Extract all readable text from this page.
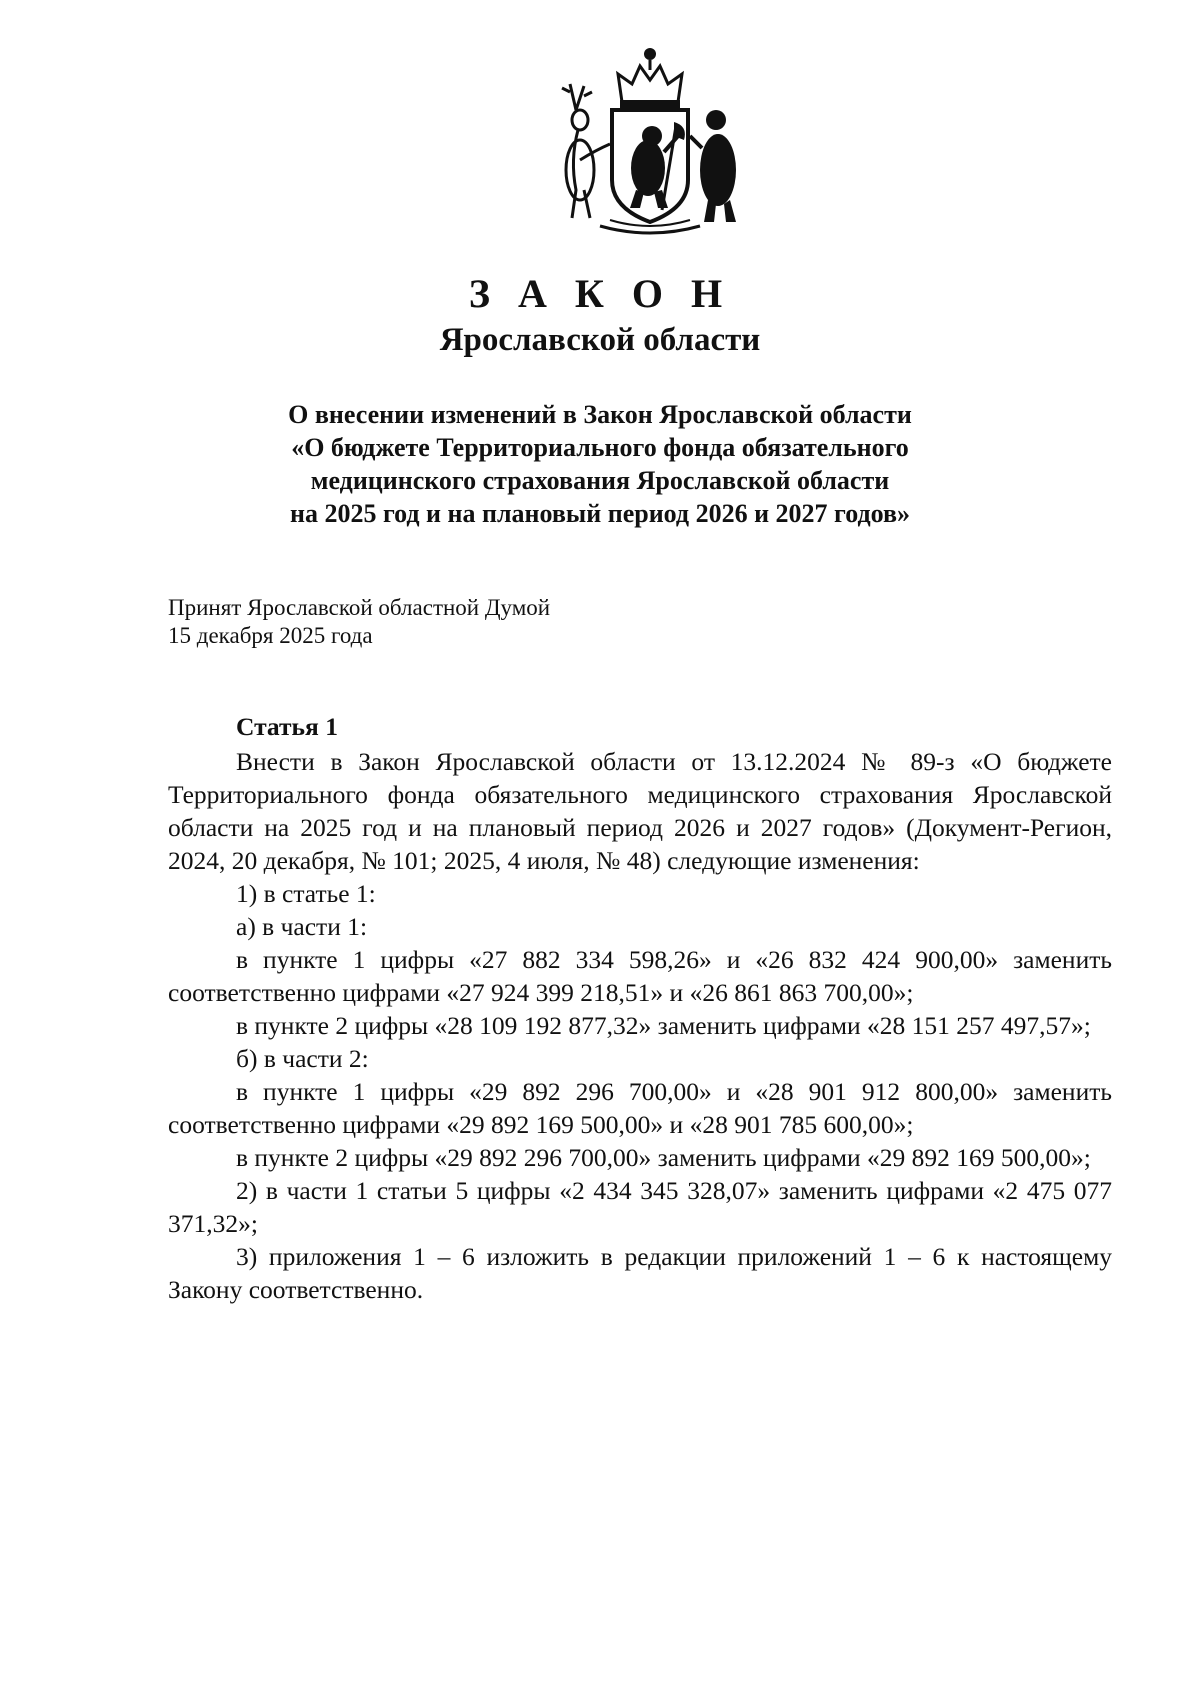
З А К О Н
Ярославской области
О внесении изменений в Закон Ярославской области
«О бюджете Территориального фонда обязательного
медицинского страхования Ярославской области
на 2025 год и на плановый период 2026 и 2027 годов»
Принят Ярославской областной Думой
15 декабря 2025 года
Статья 1

Внести в Закон Ярославской области от 13.12.2024 № 89-з «О бюджете Территориального фонда обязательного медицинского страхования Ярославской области на 2025 год и на плановый период 2026 и 2027 годов» (Документ-Регион, 2024, 20 декабря, № 101; 2025, 4 июля, № 48) следующие изменения:

1) в статье 1:

а) в части 1:

в пункте 1 цифры «27 882 334 598,26» и «26 832 424 900,00» заменить соответственно цифрами «27 924 399 218,51» и «26 861 863 700,00»;

в пункте 2 цифры «28 109 192 877,32» заменить цифрами «28 151 257 497,57»;

б) в части 2:

в пункте 1 цифры «29 892 296 700,00» и «28 901 912 800,00» заменить соответственно цифрами «29 892 169 500,00» и «28 901 785 600,00»;

в пункте 2 цифры «29 892 296 700,00» заменить цифрами «29 892 169 500,00»;

2) в части 1 статьи 5 цифры «2 434 345 328,07» заменить цифрами «2 475 077 371,32»;

3) приложения 1 – 6 изложить в редакции приложений 1 – 6 к настоящему Закону соответственно.
